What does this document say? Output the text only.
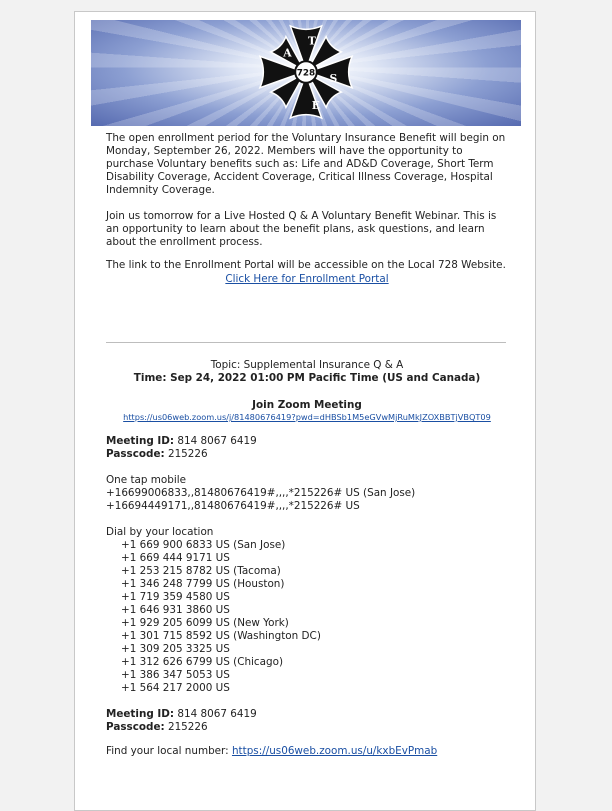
A
T
S
E
728

The open enrollment period for the Voluntary Insurance Benefit will begin on Monday, September 26, 2022. Members will have the opportunity to purchase Voluntary benefits such as: Life and AD&D Coverage, Short Term Disability Coverage, Accident Coverage, Critical Illness Coverage, Hospital Indemnity Coverage.

Join us tomorrow for a Live Hosted Q & A Voluntary Benefit Webinar. This is an opportunity to learn about the benefit plans, ask questions, and learn about the enrollment process.

The link to the Enrollment Portal will be accessible on the Local 728 Website.

Click Here for Enrollment Portal

Topic: Supplemental Insurance Q & A

Time: Sep 24, 2022 01:00 PM Pacific Time (US and Canada)

Join Zoom Meeting

https://us06web.zoom.us/j/81480676419?pwd=dHBSb1M5eGVwMjRuMkJZOXBBTjVBQT09

Meeting ID: 814 8067 6419

Passcode: 215226

One tap mobile

+16699006833,,81480676419#,,,,*215226# US (San Jose)

+16694449171,,81480676419#,,,,*215226# US

Dial by your location

+1 669 900 6833 US (San Jose)

+1 669 444 9171 US

+1 253 215 8782 US (Tacoma)

+1 346 248 7799 US (Houston)

+1 719 359 4580 US

+1 646 931 3860 US

+1 929 205 6099 US (New York)

+1 301 715 8592 US (Washington DC)

+1 309 205 3325 US

+1 312 626 6799 US (Chicago)

+1 386 347 5053 US

+1 564 217 2000 US

Meeting ID: 814 8067 6419

Passcode: 215226

Find your local number: https://us06web.zoom.us/u/kxbEvPmab
